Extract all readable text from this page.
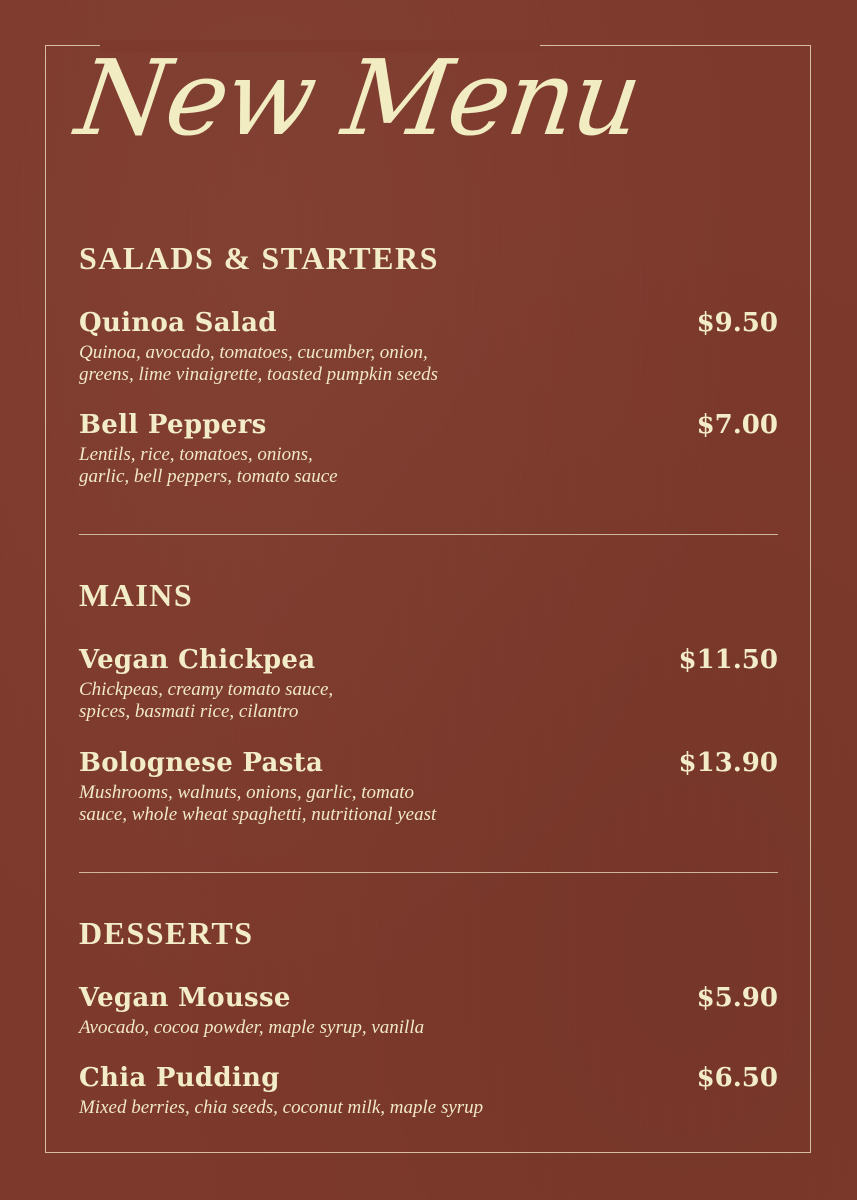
New Menu
SALADS & STARTERS
Quinoa Salad	$9.50
Quinoa, avocado, tomatoes, cucumber, onion,
greens, lime vinaigrette, toasted pumpkin seeds
Bell Peppers	$7.00
Lentils, rice, tomatoes, onions,
garlic, bell peppers, tomato sauce
MAINS
Vegan Chickpea	$11.50
Chickpeas, creamy tomato sauce,
spices, basmati rice, cilantro
Bolognese Pasta	$13.90
Mushrooms, walnuts, onions, garlic, tomato
sauce, whole wheat spaghetti, nutritional yeast
DESSERTS
Vegan Mousse	$5.90
Avocado, cocoa powder, maple syrup, vanilla
Chia Pudding	$6.50
Mixed berries, chia seeds, coconut milk, maple syrup
